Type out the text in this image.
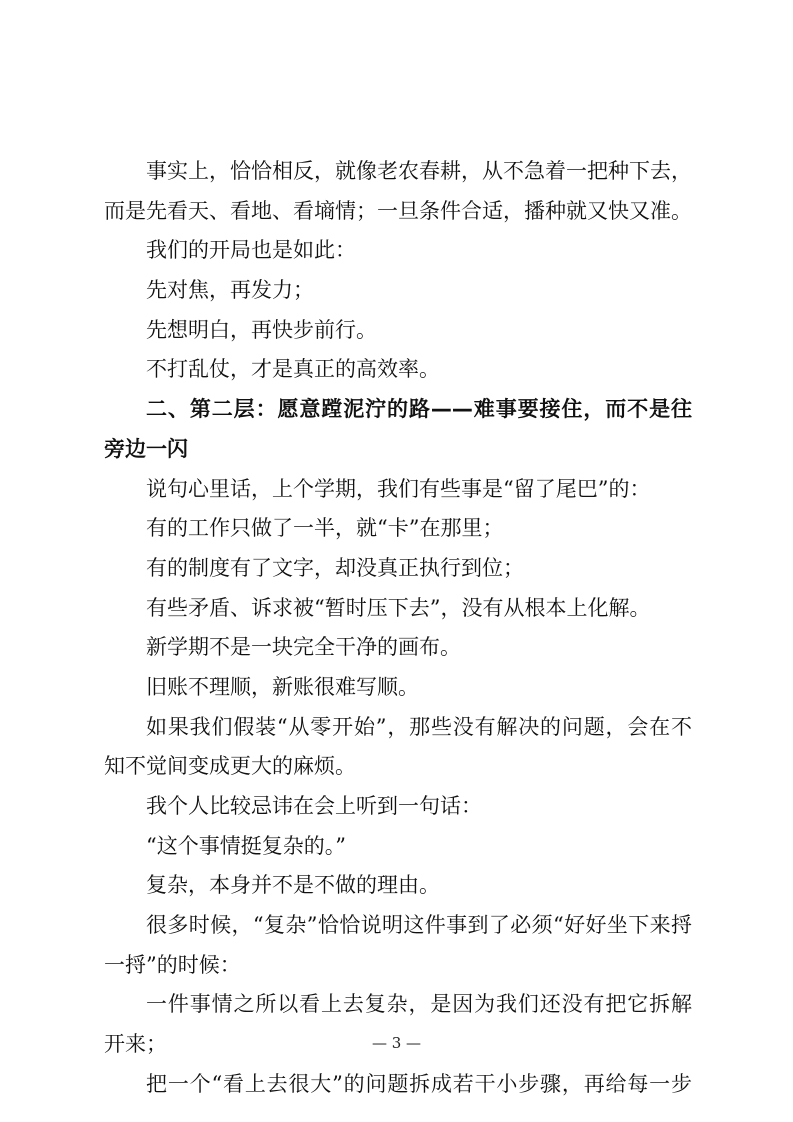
事实上，恰恰相反，就像老农春耕，从不急着一把种下去，

而是先看天、看地、看墒情；一旦条件合适，播种就又快又准。

我们的开局也是如此：

先对焦，再发力；

先想明白，再快步前行。

不打乱仗，才是真正的高效率。

二、第二层：愿意蹚泥泞的路——难事要接住，而不是往

旁边一闪

说句心里话，上个学期，我们有些事是“留了尾巴”的：

有的工作只做了一半，就“卡”在那里；

有的制度有了文字，却没真正执行到位；

有些矛盾、诉求被“暂时压下去”，没有从根本上化解。

新学期不是一块完全干净的画布。

旧账不理顺，新账很难写顺。

如果我们假装“从零开始”，那些没有解决的问题，会在不

知不觉间变成更大的麻烦。

我个人比较忌讳在会上听到一句话：

“这个事情挺复杂的。”

复杂，本身并不是不做的理由。

很多时候，“复杂”恰恰说明这件事到了必须“好好坐下来捋

一捋”的时候：

一件事情之所以看上去复杂，是因为我们还没有把它拆解

开来；

把一个“看上去很大”的问题拆成若干小步骤，再给每一步

— 3 —
